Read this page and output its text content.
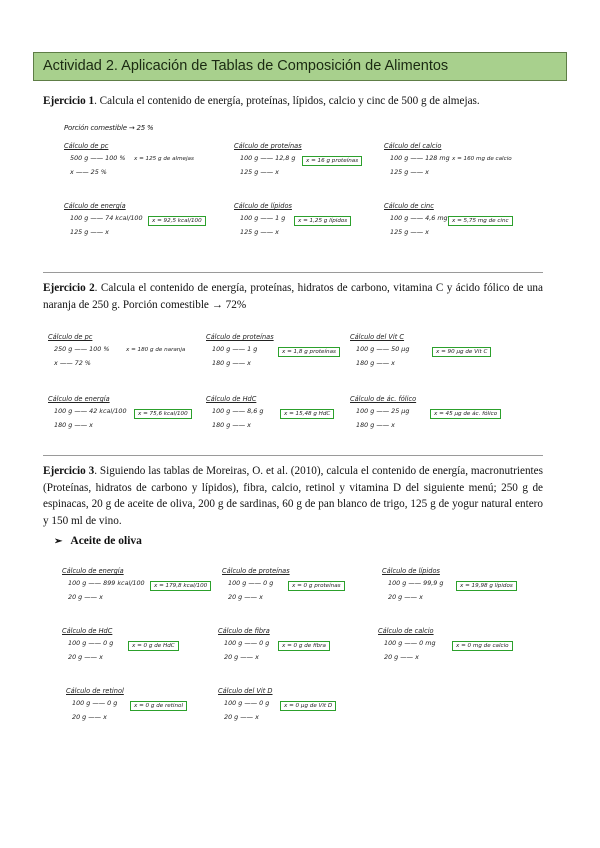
Actividad 2. Aplicación de Tablas de Composición de Alimentos

Ejercicio 1. Calcula el contenido de energía, proteínas, lípidos, calcio y cinc de 500 g de almejas.

Porción comestible → 25 %
Cálculo de pc
500 g —— 100 %
x —— 25 %
x = 125 g de almejas
Cálculo de proteínas
100 g —— 12,8 g
125 g —— x
x = 16 g proteínas
Cálculo del calcio
100 g —— 128 mg
125 g —— x
x = 160 mg de calcio
Cálculo de energía
100 g —— 74 kcal/100
125 g —— x
x = 92,5 kcal/100
Cálculo de lípidos
100 g —— 1 g
125 g —— x
x = 1,25 g lípidos
Cálculo de cinc
100 g —— 4,6 mg
125 g —— x
x = 5,75 mg de cinc

Ejercicio 2. Calcula el contenido de energía, proteínas, hidratos de carbono, vitamina C y ácido fólico de una naranja de 250 g. Porción comestible → 72%

Cálculo de pc
250 g —— 100 %
x —— 72 %
x = 180 g de naranja
Cálculo de proteínas
100 g —— 1 g
180 g —— x
x = 1,8 g proteínas
Cálculo del Vit C
100 g —— 50 µg
180 g —— x
x = 90 µg de Vit C
Cálculo de energía
100 g —— 42 kcal/100
180 g —— x
x = 75,6 kcal/100
Cálculo de HdC
100 g —— 8,6 g
180 g —— x
x = 15,48 g HdC
Cálculo de ác. fólico
100 g —— 25 µg
180 g —— x
x = 45 µg de ác. fólico

Ejercicio 3. Siguiendo las tablas de Moreiras, O. et al. (2010), calcula el contenido de energía, macronutrientes (Proteínas, hidratos de carbono y lípidos), fibra, calcio, retinol y vitamina D del siguiente menú; 250 g de espinacas, 20 g de aceite de oliva, 200 g de sardinas, 60 g de pan blanco de trigo, 125 g de yogur natural entero y 150 ml de vino.

➢ Aceite de oliva
Cálculo de energía
100 g —— 899 kcal/100
20 g —— x
x = 179,8 kcal/100
Cálculo de proteínas
100 g —— 0 g
20 g —— x
x = 0 g proteínas
Cálculo de lípidos
100 g —— 99,9 g
20 g —— x
x = 19,98 g lípidos
Cálculo de HdC
100 g —— 0 g
20 g —— x
x = 0 g de HdC
Cálculo de fibra
100 g —— 0 g
20 g —— x
x = 0 g de fibra
Cálculo de calcio
100 g —— 0 mg
20 g —— x
x = 0 mg de calcio
Cálculo de retinol
100 g —— 0 g
20 g —— x
x = 0 g de retinol
Cálculo del Vit D
100 g —— 0 g
20 g —— x
x = 0 µg de Vit D
